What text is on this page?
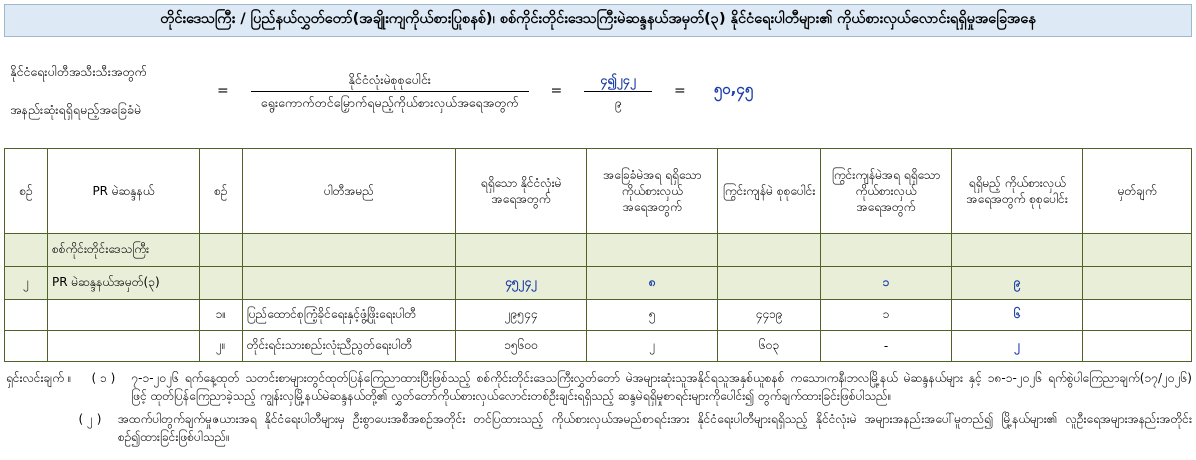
တိုင်းဒေသကြီး / ပြည်နယ်လွှတ်တော်(အချိုးကျကိုယ်စားပြုစနစ်)၊ စစ်ကိုင်းတိုင်းဒေသကြီးမဲဆန္ဒနယ်အမှတ်(၃) နိုင်ငံရေးပါတီများ၏ ကိုယ်စားလှယ်လောင်းရရှိမှုအခြေအနေ

နိုင်ငံရေးပါတီအသီးသီးအတွက်

အနည်းဆုံးရရှိရမည့်အခြေခံမဲ

=	$\frac{\text{နိုင်ငံလုံးမဲစုစုပေါင်း}}{\text{ရွေးကောက်တင်မြှောက်ရမည့်ကိုယ်စားလှယ်အရေအတွက်}}$	=	$\frac{၄၍၂၄၂}{၉}$	=	၅၀,၄၅
စဉ်	PR မဲဆန္ဒနယ်	စဉ်	ပါတီအမည်	ရရှိသော နိုင်ငံလုံးမဲအရေအတွက်	အခြေခံမဲအရ ရရှိသော ကိုယ်စားလှယ် အရေအတွက်	ကြွင်းကျန်မဲ စုစုပေါင်း	ကြွင်းကျန်မဲအရ ရရှိသော ကိုယ်စားလှယ် အရေအတွက်	ရရှိမည့် ကိုယ်စားလှယ် အရေအတွက် စုစုပေါင်း	မှတ်ချက်
	စစ်ကိုင်းတိုင်းဒေသကြီး								
၂	PR မဲဆန္ဒနယ်အမှတ်(၃)			၄၅၂၄၂	၈		၁	၉	
		၁။	ပြည်ထောင်စုကြံ့ခိုင်ရေးနှင့်ဖွံ့ဖြိုးရေးပါတီ	၂၉၅၄၄	၅	၄၄၁၉	၁	၆	
		၂။	တိုင်းရင်းသားစည်းလုံးညီညွတ်ရေးပါတီ	၁၅၆၀၀	၂	၆၀၃	-	၂	
ရှင်းလင်းချက် ။	( ၁ )	၇-၁-၂၀၂၆ ရက်နေ့ထုတ် သတင်းစာများတွင်ထုတ်ပြန်ကြေညာထားပြီးဖြစ်သည့် စစ်ကိုင်းတိုင်းဒေသကြီးလွှတ်တော် မဲအများဆုံးသူအနိုင်ရသူအနှစ်ယူစနစ် ကသော၊ကနီ၊ဘလမြို့နယ် မဲဆန္ဒနယ်များ နှင့် ၁၈-၁-၂၀၂၆ ရက်စွဲပါကြေညာချက်(၁၇/၂၀၂၆) ဖြင့် ထုတ်ပြန်ကြေညာခဲ့သည့် ကျွန်းလှမြို့နယ်မဲဆန္ဒနယ်တို့၏ လွှတ်တော်ကိုယ်စားလှယ်လောင်းတစ်ဦးချင်းရရှိသည့် ဆန္ဒမဲရရှိမှုစာရင်းများကိုပေါင်း၍ တွက်ချက်ထားခြင်းဖြစ်ပါသည်။
( ၂ )	အထက်ပါတွက်ချက်မှုဇယားအရ နိုင်ငံရေးပါတီများမှ ဦးစွာပေးအစီအစဉ်အတိုင်း တင်ပြထားသည့် ကိုယ်စားလှယ်အမည်စာရင်းအား နိုင်ငံရေးပါတီများရရှိသည့် နိုင်ငံလုံးမဲ အများအနည်းအပေါ်မူတည်၍ မြို့နယ်များ၏ လူဦးရေအများအနည်းအတိုင်းစဉ်၍ထားခြင်းဖြစ်ပါသည်။
